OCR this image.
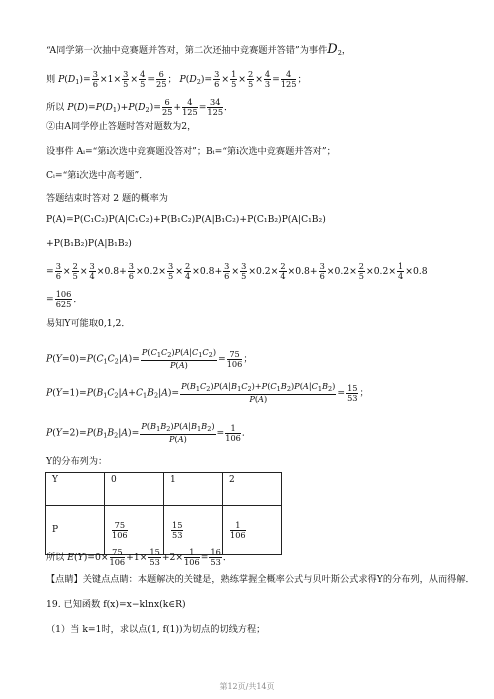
“A同学第一次抽中竞赛题并答对，第二次还抽中竞赛题并答错”为事件$D_2$，
则 $P(D_1)= \frac{3}{6} \times 1\times \frac{3}{5} \times \frac{4}{5} = \frac{6}{25}$ ； $P(D_2)= \frac{3}{6} \times \frac{1}{5} \times \frac{2}{5} \times \frac{4}{3} = \frac{4}{125}$ ；
所以 $P(D)=P(D_1)+P(D_2)= \frac{6}{25} + \frac{4}{125} = \frac{34}{125}$ ．
②由A同学停止答题时答对题数为2，
设事件 Aᵢ=“第i次选中竞赛题没答对”；Bᵢ=“第i次选中竞赛题并答对”；
Cᵢ=“第i次选中高考题”．
答题结束时答对 2 题的概率为
P(A)=P(C₁C₂)P(A|C₁C₂)+P(B₁C₂)P(A|B₁C₂)+P(C₁B₂)P(A|C₁B₂)
+P(B₁B₂)P(A|B₁B₂)
= $\frac{3}{6} \times \frac{2}{5} \times \frac{3}{4} \times 0.8+ \frac{3}{6} \times 0.2\times \frac{3}{5} \times \frac{2}{4} \times 0.8+ \frac{3}{6} \times \frac{3}{5} \times 0.2\times \frac{2}{4} \times 0.8+ \frac{3}{6} \times 0.2\times \frac{2}{5} \times 0.2\times \frac{1}{4} \times 0.8$
= $\frac{106}{625}$ ．
易知Y可能取0,1,2．
$P(Y=0)=P(C_1C_2|A)= \frac{P(C_1C_2)P(A|C_1C_2)}{P(A)} = \frac{75}{106}$ ；
$P(Y=1)=P(B_1C_2|A+C_1B_2|A)= \frac{P(B_1C_2)P(A|B_1C_2)+P(C_1B_2)P(A|C_1B_2)}{P(A)} = \frac{15}{53}$ ；
$P(Y=2)=P(B_1B_2|A)= \frac{P(B_1B_2)P(A|B_1B_2)}{P(A)} = \frac{1}{106}$ ．
Y的分布列为：
Y	0	1	2
P	$\frac{75}{106}$	$\frac{15}{53}$	$\frac{1}{106}$
所以 $E(Y)=0\times \frac{75}{106} +1\times \frac{15}{53} +2\times \frac{1}{106} = \frac{16}{53}$ ．
【点睛】关键点点睛：本题解决的关键是，熟练掌握全概率公式与贝叶斯公式求得Y的分布列，从而得解．
19. 已知函数 f(x)=x−klnx(k∈R)
（1）当 k=1时，求以点(1, f(1))为切点的切线方程；
第12页/共14页
